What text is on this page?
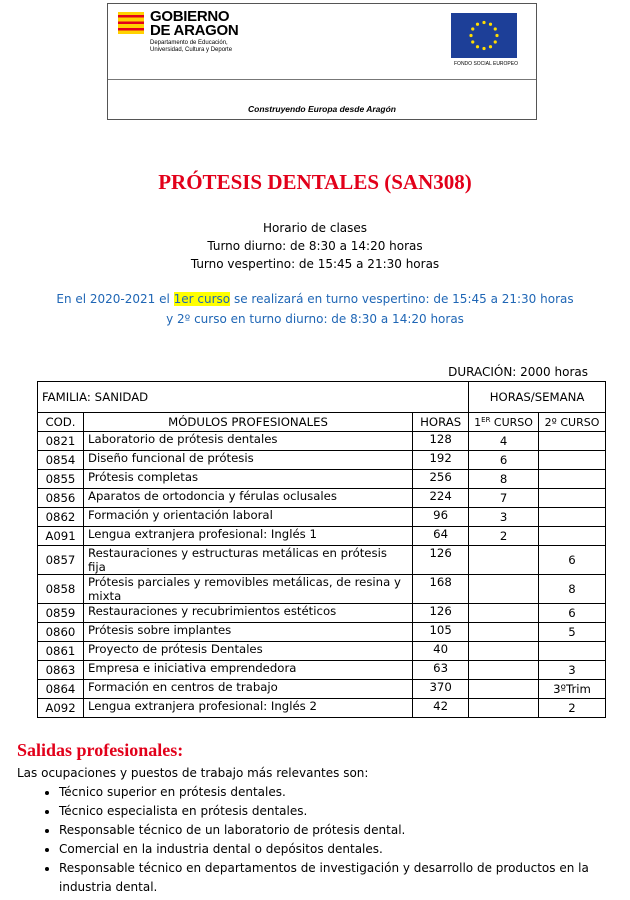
GOBIERNO
DE ARAGON
Departamento de Educación,
Universidad, Cultura y Deporte
FONDO SOCIAL EUROPEO
Construyendo Europa desde Aragón
PRÓTESIS DENTALES (SAN308)
Horario de clases
Turno diurno: de 8:30 a 14:20 horas
Turno vespertino: de 15:45 a 21:30 horas
En el 2020-2021 el 1er curso se realizará en turno vespertino: de 15:45 a 21:30 horas
y 2º curso en turno diurno: de 8:30 a 14:20 horas
DURACIÓN: 2000 horas
FAMILIA: SANIDAD			HORAS/SEMANA	
COD.	MÓDULOS PROFESIONALES	HORAS	1ER CURSO	2º CURSO
0821	Laboratorio de prótesis dentales	128	4	
0854	Diseño funcional de prótesis	192	6	
0855	Prótesis completas	256	8	
0856	Aparatos de ortodoncia y férulas oclusales	224	7	
0862	Formación y orientación laboral	96	3	
A091	Lengua extranjera profesional: Inglés 1	64	2	
0857	Restauraciones y estructuras metálicas en prótesis fija	126		6
0858	Prótesis parciales y removibles metálicas, de resina y mixta	168		8
0859	Restauraciones y recubrimientos estéticos	126		6
0860	Prótesis sobre implantes	105		5
0861	Proyecto de prótesis Dentales	40		
0863	Empresa e iniciativa emprendedora	63		3
0864	Formación en centros de trabajo	370		3ºTrim
A092	Lengua extranjera profesional: Inglés 2	42		2
Salidas profesionales:
Las ocupaciones y puestos de trabajo más relevantes son:
• Técnico superior en prótesis dentales.
• Técnico especialista en prótesis dentales.
• Responsable técnico de un laboratorio de prótesis dental.
• Comercial en la industria dental o depósitos dentales.
• Responsable técnico en departamentos de investigación y desarrollo de productos en la industria dental.
